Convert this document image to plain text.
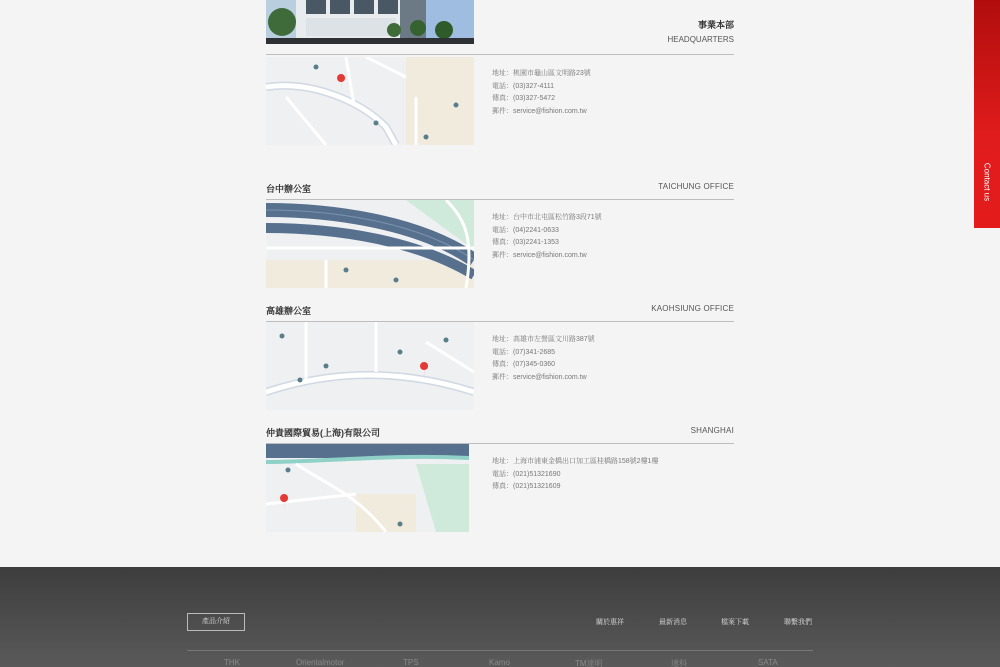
事業本部
HEADQUARTERS
地址：桃園市龜山區文明路23號
電話：(03)327-4111
傳真：(03)327-5472
郵件：service@fishion.com.tw
台中辦公室	TAICHUNG OFFICE
地址：台中市北屯區松竹路3段71號
電話：(04)2241-0633
傳真：(03)2241-1353
郵件：service@fishion.com.tw
高雄辦公室	KAOHSIUNG OFFICE
地址：高雄市左營區文川路387號
電話：(07)341-2685
傳真：(07)345-0360
郵件：service@fishion.com.tw
仲貴國際貿易(上海)有限公司	SHANGHAI
地址：上海市浦東金橋出口加工區桂橋路158號2樓1樓
電話：(021)51321690
傳真：(021)51321609
Contact us
產品介紹	關於惠祥	最新消息	檔案下載	聯繫我們
THK	Orientalmotor	TPS	Kamo	TM達明	速科	SATA
